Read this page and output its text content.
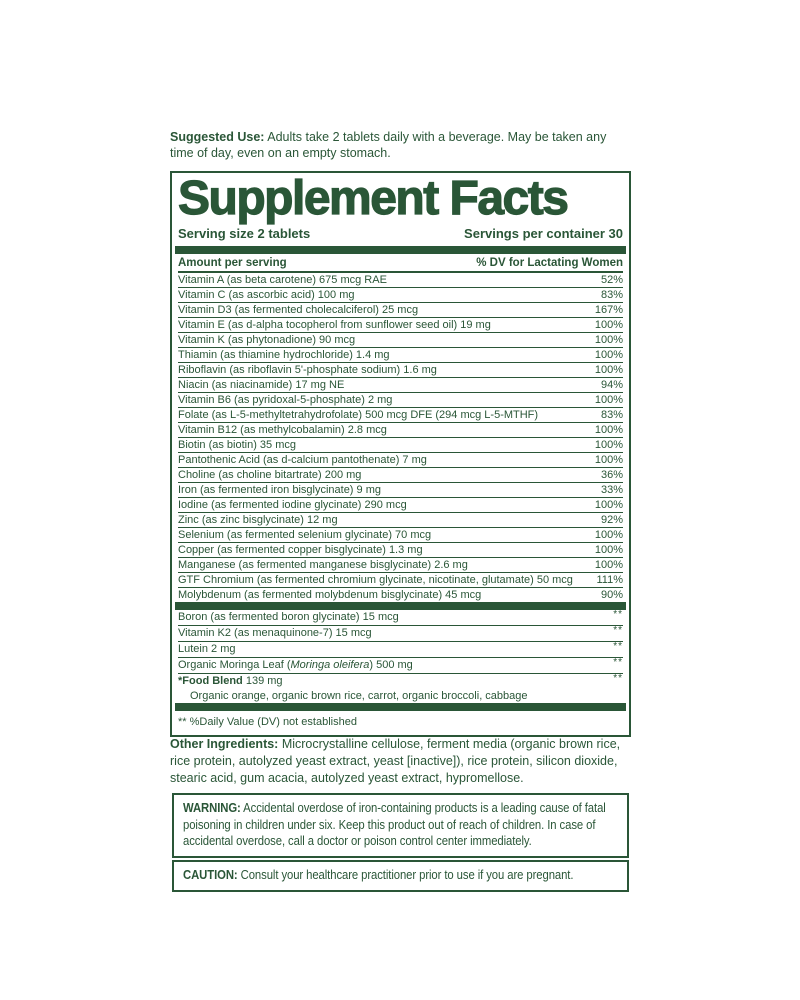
Suggested Use: Adults take 2 tablets daily with a beverage. May be taken any time of day, even on an empty stomach.

Supplement Facts
Serving size 2 tablets	Servings per container 30
Amount per serving	% DV for Lactating Women
Vitamin A (as beta carotene) 675 mcg RAE	52%
Vitamin C (as ascorbic acid) 100 mg	83%
Vitamin D3 (as fermented cholecalciferol) 25 mcg	167%
Vitamin E (as d-alpha tocopherol from sunflower seed oil) 19 mg	100%
Vitamin K (as phytonadione) 90 mcg	100%
Thiamin (as thiamine hydrochloride) 1.4 mg	100%
Riboflavin (as riboflavin 5'-phosphate sodium) 1.6 mg	100%
Niacin (as niacinamide) 17 mg NE	94%
Vitamin B6 (as pyridoxal-5-phosphate) 2 mg	100%
Folate (as L-5-methyltetrahydrofolate) 500 mcg DFE (294 mcg L-5-MTHF)	83%
Vitamin B12 (as methylcobalamin) 2.8 mcg	100%
Biotin (as biotin) 35 mcg	100%
Pantothenic Acid (as d-calcium pantothenate) 7 mg	100%
Choline (as choline bitartrate) 200 mg	36%
Iron (as fermented iron bisglycinate) 9 mg	33%
Iodine (as fermented iodine glycinate) 290 mcg	100%
Zinc (as zinc bisglycinate) 12 mg	92%
Selenium (as fermented selenium glycinate) 70 mcg	100%
Copper (as fermented copper bisglycinate) 1.3 mg	100%
Manganese (as fermented manganese bisglycinate) 2.6 mg	100%
GTF Chromium (as fermented chromium glycinate, nicotinate, glutamate) 50 mcg	111%
Molybdenum (as fermented molybdenum bisglycinate) 45 mcg	90%
Boron (as fermented boron glycinate) 15 mcg	**
Vitamin K2 (as menaquinone-7) 15 mcg	**
Lutein 2 mg	**
Organic Moringa Leaf (Moringa oleifera) 500 mg	**
*Food Blend 139 mg	**
Organic orange, organic brown rice, carrot, organic broccoli, cabbage
** %Daily Value (DV) not established

Other Ingredients: Microcrystalline cellulose, ferment media (organic brown rice, rice protein, autolyzed yeast extract, yeast [inactive]), rice protein, silicon dioxide, stearic acid, gum acacia, autolyzed yeast extract, hypromellose.

WARNING: Accidental overdose of iron-containing products is a leading cause of fatal poisoning in children under six. Keep this product out of reach of children. In case of accidental overdose, call a doctor or poison control center immediately.
CAUTION: Consult your healthcare practitioner prior to use if you are pregnant.
